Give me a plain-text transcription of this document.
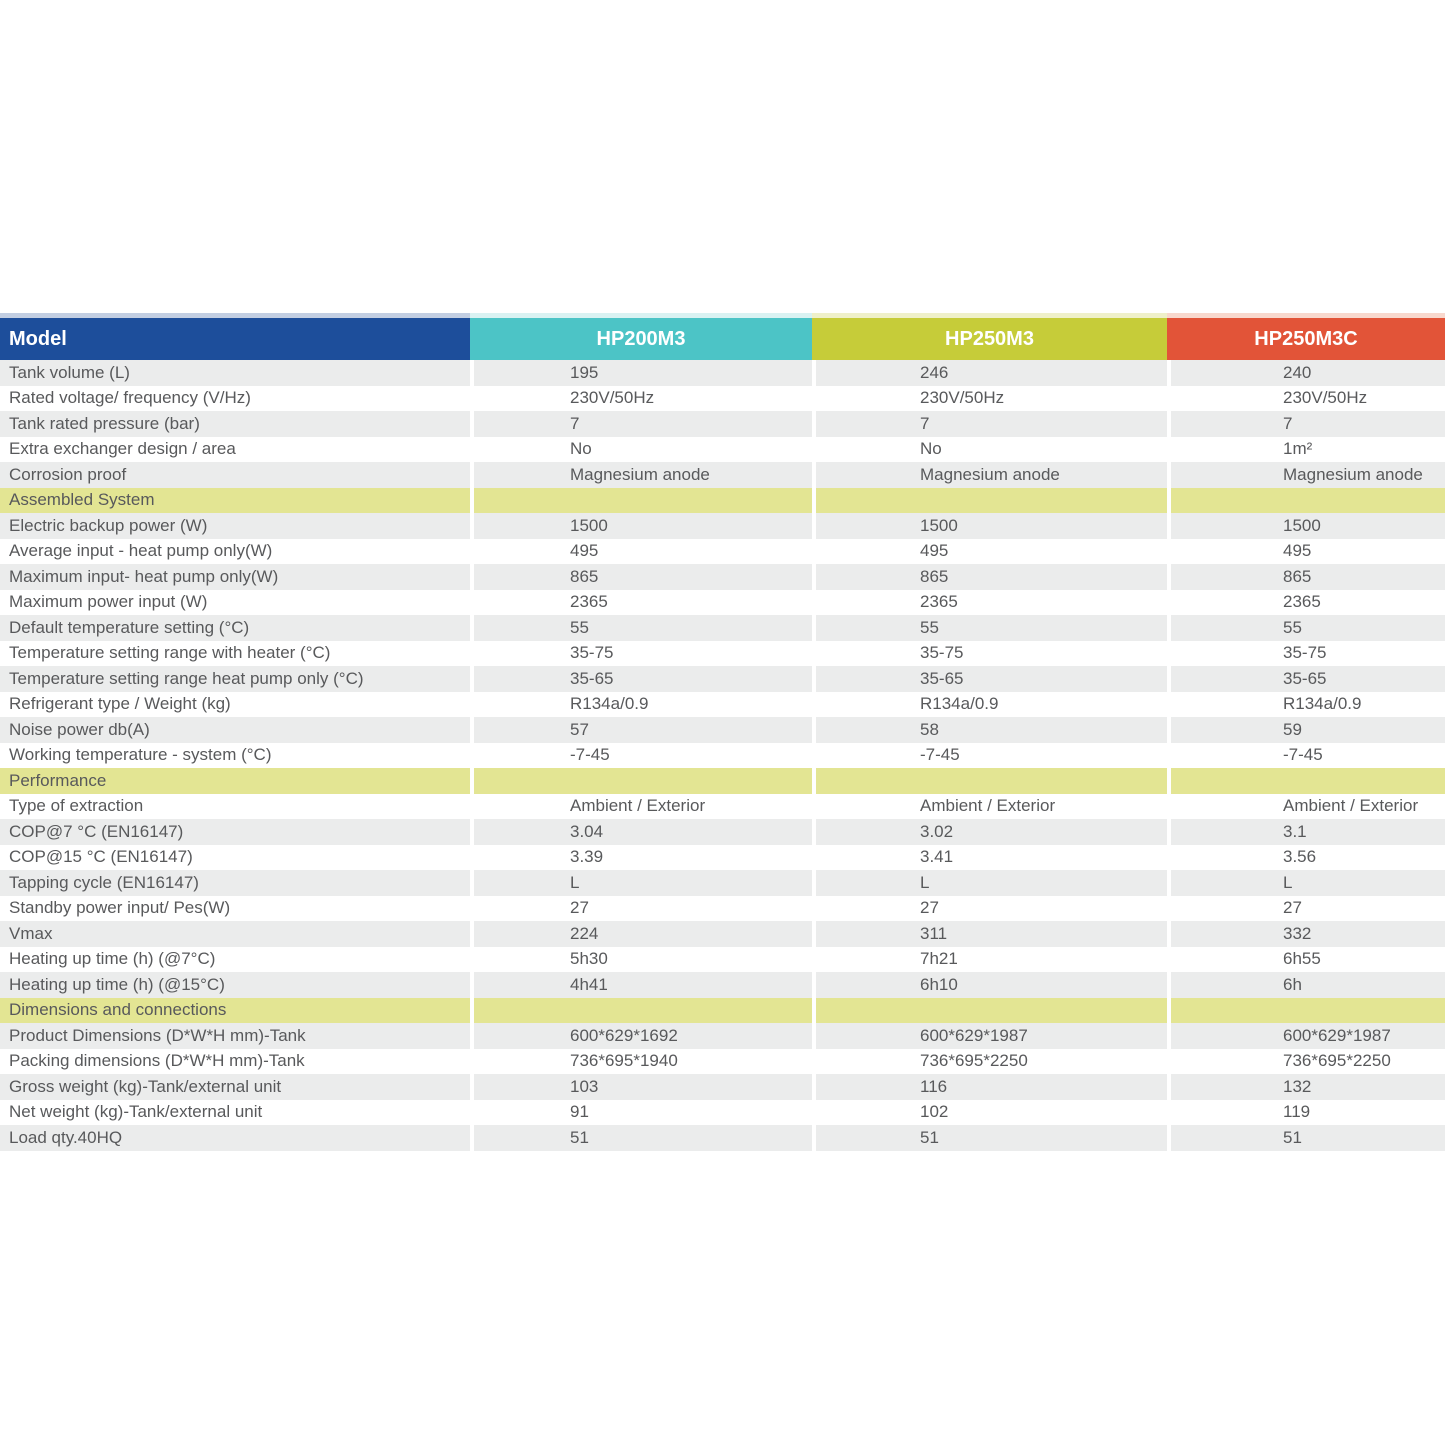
Model	HP200M3	HP250M3	HP250M3C
Tank volume (L)	195	246	240
Rated voltage/ frequency (V/Hz)	230V/50Hz	230V/50Hz	230V/50Hz
Tank rated pressure (bar)	7	7	7
Extra exchanger design / area	No	No	1m²
Corrosion proof	Magnesium anode	Magnesium anode	Magnesium anode
Assembled System
Electric backup power (W)	1500	1500	1500
Average input - heat pump only(W)	495	495	495
Maximum input- heat pump only(W)	865	865	865
Maximum power input (W)	2365	2365	2365
Default temperature setting (°C)	55	55	55
Temperature setting range with heater (°C)	35-75	35-75	35-75
Temperature setting range heat pump only (°C)	35-65	35-65	35-65
Refrigerant type / Weight (kg)	R134a/0.9	R134a/0.9	R134a/0.9
Noise power db(A)	57	58	59
Working temperature - system (°C)	-7-45	-7-45	-7-45
Performance
Type of extraction	Ambient / Exterior	Ambient / Exterior	Ambient / Exterior
COP@7 °C (EN16147)	3.04	3.02	3.1
COP@15 °C (EN16147)	3.39	3.41	3.56
Tapping cycle (EN16147)	L	L	L
Standby power input/ Pes(W)	27	27	27
Vmax	224	311	332
Heating up time (h) (@7°C)	5h30	7h21	6h55
Heating up time (h) (@15°C)	4h41	6h10	6h
Dimensions and connections
Product Dimensions (D*W*H mm)-Tank	600*629*1692	600*629*1987	600*629*1987
Packing dimensions (D*W*H mm)-Tank	736*695*1940	736*695*2250	736*695*2250
Gross weight (kg)-Tank/external unit	103	116	132
Net weight (kg)-Tank/external unit	91	102	119
Load qty.40HQ	51	51	51
